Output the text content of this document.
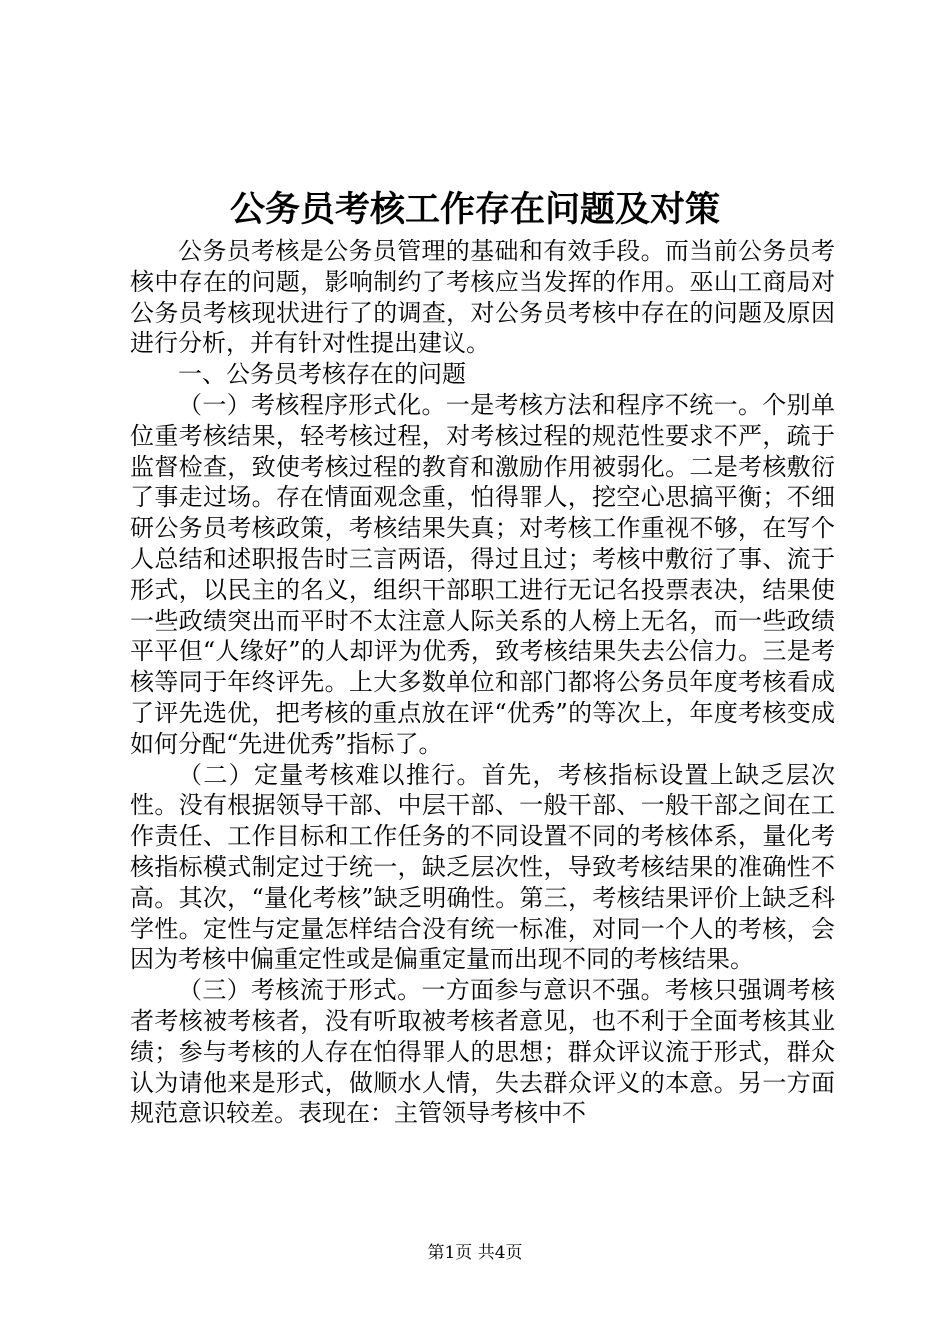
公务员考核工作存在问题及对策

公务员考核是公务员管理的基础和有效手段。而当前公务员考核中存在的问题，影响制约了考核应当发挥的作用。巫山工商局对公务员考核现状进行了的调查，对公务员考核中存在的问题及原因进行分析，并有针对性提出建议。

一、公务员考核存在的问题

（一）考核程序形式化。一是考核方法和程序不统一。个别单位重考核结果，轻考核过程，对考核过程的规范性要求不严，疏于监督检查，致使考核过程的教育和激励作用被弱化。二是考核敷衍了事走过场。存在情面观念重，怕得罪人，挖空心思搞平衡；不细研公务员考核政策，考核结果失真；对考核工作重视不够，在写个人总结和述职报告时三言两语，得过且过；考核中敷衍了事、流于形式，以民主的名义，组织干部职工进行无记名投票表决，结果使一些政绩突出而平时不太注意人际关系的人榜上无名，而一些政绩平平但“人缘好”的人却评为优秀，致考核结果失去公信力。三是考核等同于年终评先。上大多数单位和部门都将公务员年度考核看成了评先选优，把考核的重点放在评“优秀”的等次上，年度考核变成如何分配“先进优秀”指标了。

（二）定量考核难以推行。首先，考核指标设置上缺乏层次性。没有根据领导干部、中层干部、一般干部、一般干部之间在工作责任、工作目标和工作任务的不同设置不同的考核体系，量化考核指标模式制定过于统一，缺乏层次性，导致考核结果的准确性不高。其次，“量化考核”缺乏明确性。第三，考核结果评价上缺乏科学性。定性与定量怎样结合没有统一标准，对同一个人的考核，会因为考核中偏重定性或是偏重定量而出现不同的考核结果。

（三）考核流于形式。一方面参与意识不强。考核只强调考核者考核被考核者，没有听取被考核者意见，也不利于全面考核其业绩；参与考核的人存在怕得罪人的思想；群众评议流于形式，群众认为请他来是形式，做顺水人情，失去群众评义的本意。另一方面规范意识较差。表现在：主管领导考核中不

第1页 共4页
